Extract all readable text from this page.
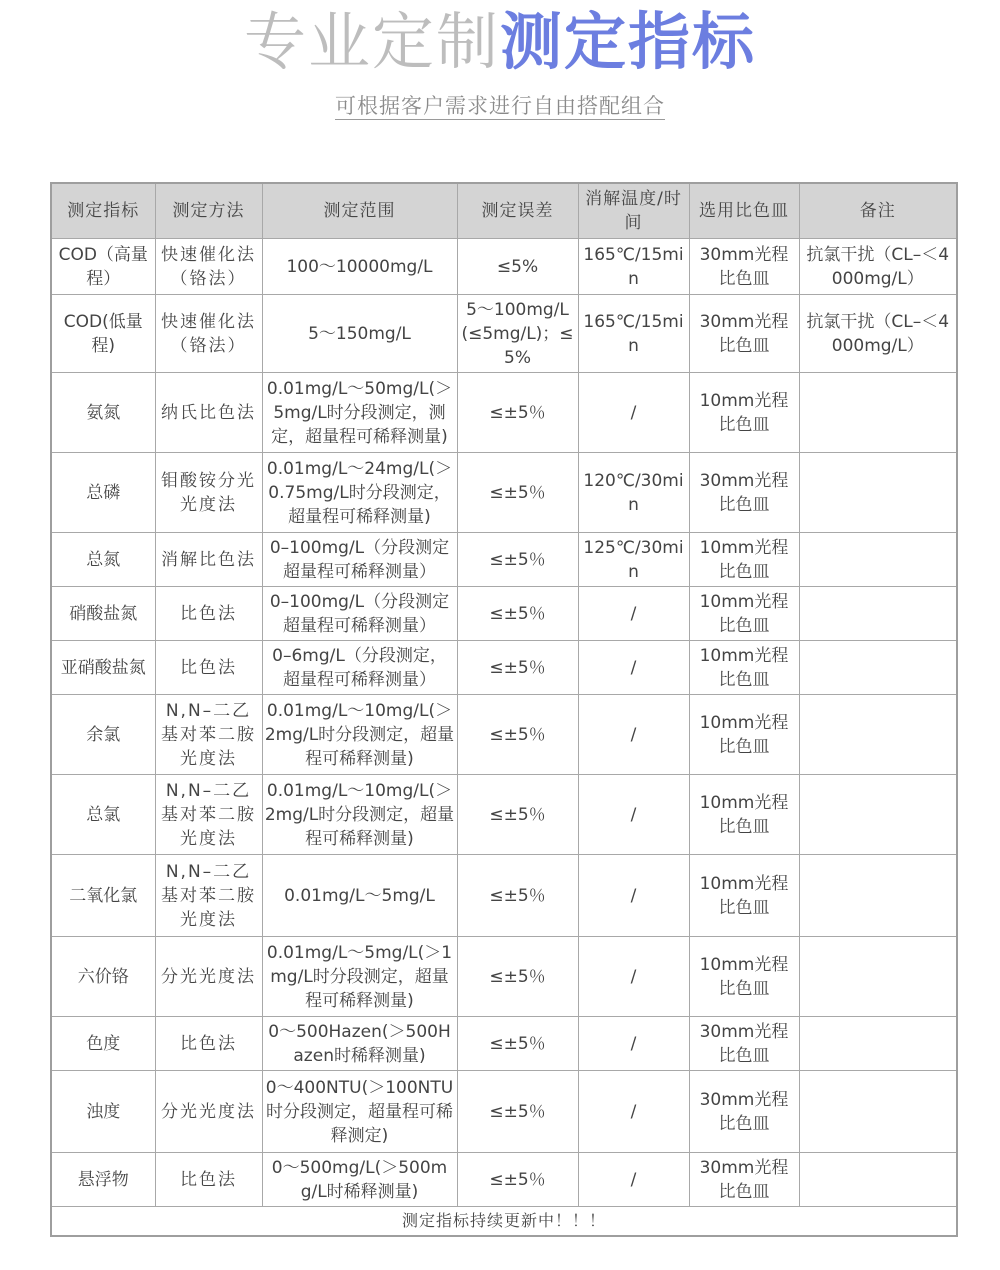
专业定制测定指标
可根据客户需求进行自由搭配组合
测定指标	测定方法	测定范围	测定误差	消解温度/时间	选用比色皿	备注
COD（高量程）	快速催化法（铬法）	100～10000mg/L	≤5%	165℃/15min	30mm光程比色皿	抗氯干扰（CL–＜4000mg/L）
COD(低量程)	快速催化法（铬法）	5～150mg/L	5～100mg/L(≤5mg/L)；≤5%	165℃/15min	30mm光程比色皿	抗氯干扰（CL–＜4000mg/L）
氨氮	纳氏比色法	0.01mg/L～50mg/L(＞5mg/L时分段测定，测定，超量程可稀释测量)	≤±5％	/	10mm光程比色皿	
总磷	钼酸铵分光光度法	0.01mg/L～24mg/L(＞0.75mg/L时分段测定，超量程可稀释测量)	≤±5％	120℃/30min	30mm光程比色皿	
总氮	消解比色法	0–100mg/L（分段测定超量程可稀释测量）	≤±5％	125℃/30min	10mm光程比色皿	
硝酸盐氮	比色法	0–100mg/L（分段测定超量程可稀释测量）	≤±5％	/	10mm光程比色皿	
亚硝酸盐氮	比色法	0–6mg/L（分段测定，超量程可稀释测量）	≤±5％	/	10mm光程比色皿	
余氯	N,N–二乙基对苯二胺光度法	0.01mg/L～10mg/L(＞2mg/L时分段测定，超量程可稀释测量)	≤±5％	/	10mm光程比色皿	
总氯	N,N–二乙基对苯二胺光度法	0.01mg/L～10mg/L(＞2mg/L时分段测定，超量程可稀释测量)	≤±5％	/	10mm光程比色皿	
二氧化氯	N,N–二乙基对苯二胺光度法	0.01mg/L～5mg/L	≤±5％	/	10mm光程比色皿	
六价铬	分光光度法	0.01mg/L～5mg/L(＞1mg/L时分段测定，超量程可稀释测量)	≤±5％	/	10mm光程比色皿	
色度	比色法	0～500Hazen(＞500Hazen时稀释测量)	≤±5％	/	30mm光程比色皿	
浊度	分光光度法	0～400NTU(＞100NTU时分段测定，超量程可稀释测定)	≤±5％	/	30mm光程比色皿	
悬浮物	比色法	0～500mg/L(＞500mg/L时稀释测量)	≤±5％	/	30mm光程比色皿	
测定指标持续更新中！！！						
